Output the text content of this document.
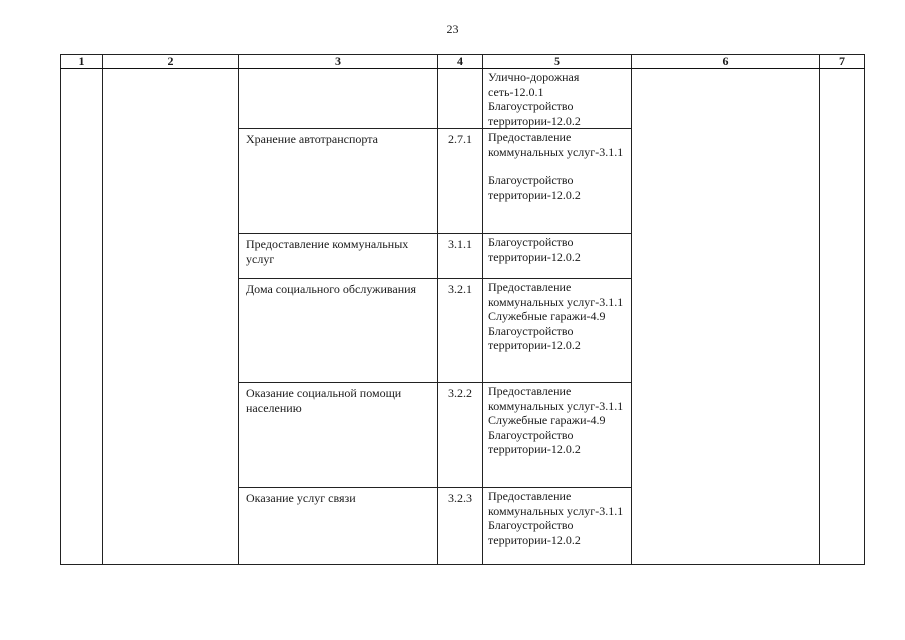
23
1	2	3	4	5	6	7

				Улично-дорожная сеть-12.0.1 Благоустройство территории-12.0.2		

		Хранение автотранспорта	2.7.1	Предоставление коммунальных услуг-3.1.1
Благоустройство территории-12.0.2		

		Предоставление коммунальных услуг	3.1.1	Благоустройство территории-12.0.2		

		Дома социального обслуживания	3.2.1	Предоставление коммунальных услуг-3.1.1
Служебные гаражи-4.9
Благоустройство территории-12.0.2		

		Оказание социальной помощи населению	3.2.2	Предоставление коммунальных услуг-3.1.1
Служебные гаражи-4.9
Благоустройство территории-12.0.2		

		Оказание услуг связи	3.2.3	Предоставление коммунальных услуг-3.1.1
Благоустройство территории-12.0.2		
